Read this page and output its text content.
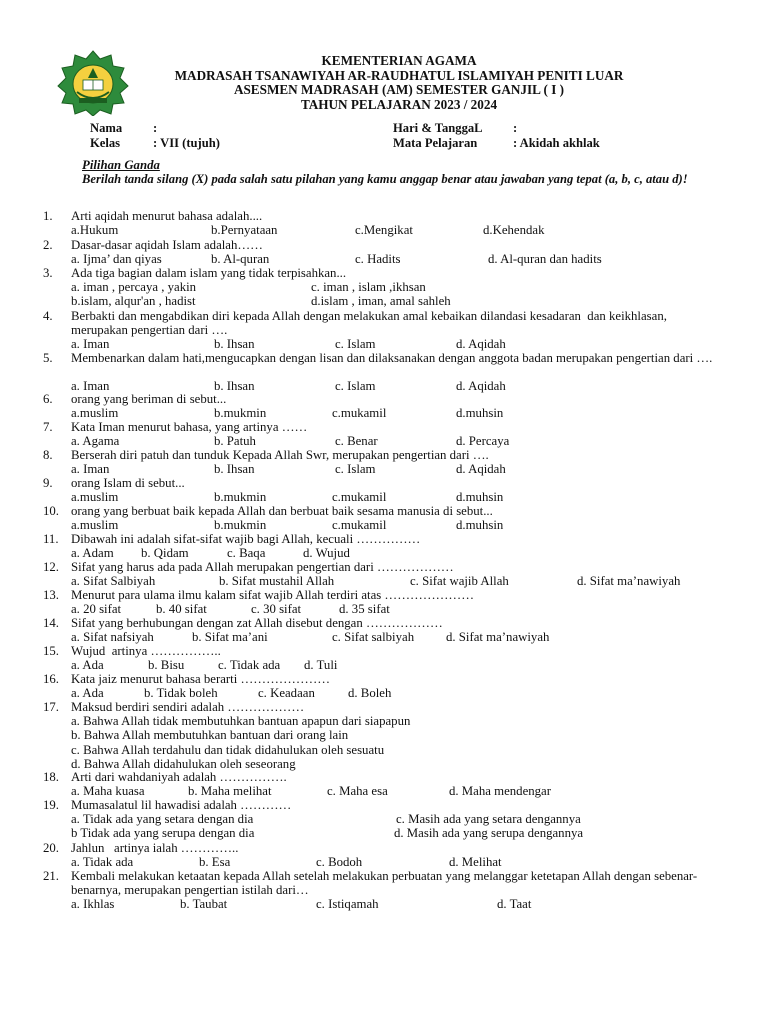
KEMENTERIAN AGAMA
MADRASAH TSANAWIYAH AR-RAUDHATUL ISLAMIYAH PENITI LUAR
ASESMEN MADRASAH (AM) SEMESTER GANJIL ( I )
TAHUN PELAJARAN 2023 / 2024
Nama :
Kelas	: VII (tujuh)
Hari & TanggaL :
Mata Pelajaran	: Akidah akhlak
Pilihan Ganda
Berilah tanda silang (X) pada salah satu pilahan yang kamu anggap benar atau jawaban yang tepat (a, b, c, atau d)!
1. Arti aqidah menurut bahasa adalah....
a.Hukum	b.Pernyataan	c.Mengikat	d.Kehendak
2. Dasar-dasar aqidah Islam adalah……
a. Ijma’ dan qiyas	b. Al-quran	c. Hadits	d. Al-quran dan hadits
3. Ada tiga bagian dalam islam yang tidak terpisahkan...
a. iman , percaya , yakin	c. iman , islam ,ikhsan
b.islam, alqur'an , hadist	d.islam , iman, amal sahleh
4. Berbakti dan mengabdikan diri kepada Allah dengan melakukan amal kebaikan dilandasi kesadaran  dan keikhlasan, merupakan pengertian dari ….
a. Iman	b. Ihsan	c. Islam	d. Aqidah
5. Membenarkan dalam hati,mengucapkan dengan lisan dan dilaksanakan dengan anggota badan merupakan pengertian dari ….
a. Iman	b. Ihsan	c. Islam	d. Aqidah
6. orang yang beriman di sebut...
a.muslim	b.mukmin	c.mukamil	d.muhsin
7. Kata Iman menurut bahasa, yang artinya ……
a. Agama	b. Patuh	c. Benar	d. Percaya
8. Berserah diri patuh dan tunduk Kepada Allah Swr, merupakan pengertian dari ….
a. Iman	b. Ihsan	c. Islam	d. Aqidah
9. orang Islam di sebut...
a.muslim	b.mukmin	c.mukamil	d.muhsin
10. orang yang berbuat baik kepada Allah dan berbuat baik sesama manusia di sebut...
a.muslim	b.mukmin	c.mukamil	d.muhsin
11. Dibawah ini adalah sifat-sifat wajib bagi Allah, kecuali ……………
a. Adam b. Qidam	c. Baqa	d. Wujud
12. Sifat yang harus ada pada Allah merupakan pengertian dari ………………
a. Sifat Salbiyah	b. Sifat mustahil Allah	c. Sifat wajib Allah	d. Sifat ma’nawiyah
13. Menurut para ulama ilmu kalam sifat wajib Allah terdiri atas …………………
a. 20 sifat	b. 40 sifat	c. 30 sifat	d. 35 sifat
14. Sifat yang berhubungan dengan zat Allah disebut dengan ………………
a. Sifat nafsiyah	b. Sifat ma’ani	c. Sifat salbiyah d. Sifat ma’nawiyah
15. Wujud  artinya ……………..
a. Ada	b. Bisu	c. Tidak ada d. Tuli
16. Kata jaiz menurut bahasa berarti …………………
a. Ada	b. Tidak boleh	c. Keadaan	d. Boleh
17. Maksud berdiri sendiri adalah ………………
a. Bahwa Allah tidak membutuhkan bantuan apapun dari siapapun
b. Bahwa Allah membutuhkan bantuan dari orang lain
c. Bahwa Allah terdahulu dan tidak didahulukan oleh sesuatu
d. Bahwa Allah didahulukan oleh seseorang
18. Arti dari wahdaniyah adalah …………….
a. Maha kuasa	b. Maha melihat	c. Maha esa	d. Maha mendengar
19. Mumasalatul lil hawadisi adalah …………
a. Tidak ada yang setara dengan dia	c. Masih ada yang setara dengannya
b Tidak ada yang serupa dengan dia	d. Masih ada yang serupa dengannya
20. Jahlun   artinya ialah …………..
a. Tidak ada	b. Esa	c. Bodoh	d. Melihat
21. Kembali melakukan ketaatan kepada Allah setelah melakukan perbuatan yang melanggar ketetapan Allah dengan sebenar-benarnya, merupakan pengertian istilah dari…
a. Ikhlas	b. Taubat	c. Istiqamah	d. Taat
